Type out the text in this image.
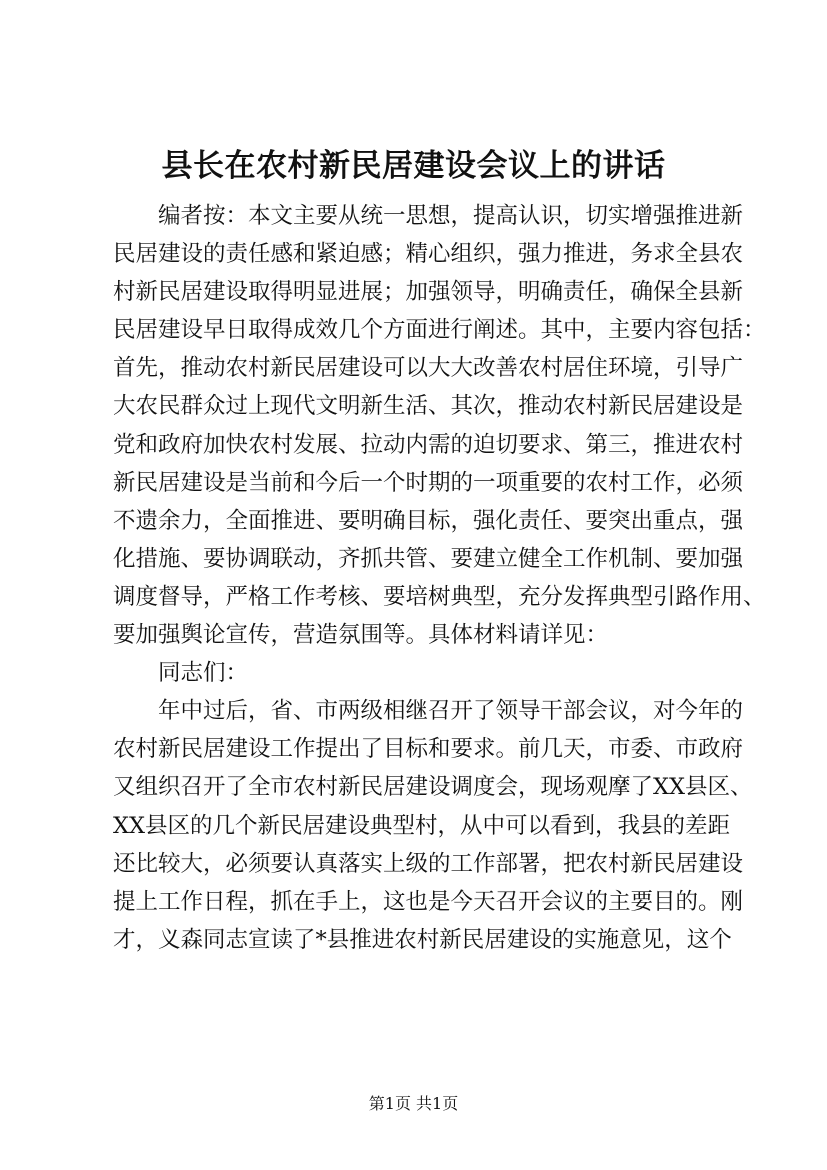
县长在农村新民居建设会议上的讲话
编者按：本文主要从统一思想，提高认识，切实增强推进新
民居建设的责任感和紧迫感；精心组织，强力推进，务求全县农
村新民居建设取得明显进展；加强领导，明确责任，确保全县新
民居建设早日取得成效几个方面进行阐述。其中，主要内容包括：
首先，推动农村新民居建设可以大大改善农村居住环境，引导广
大农民群众过上现代文明新生活、其次，推动农村新民居建设是
党和政府加快农村发展、拉动内需的迫切要求、第三，推进农村
新民居建设是当前和今后一个时期的一项重要的农村工作，必须
不遗余力，全面推进、要明确目标，强化责任、要突出重点，强
化措施、要协调联动，齐抓共管、要建立健全工作机制、要加强
调度督导，严格工作考核、要培树典型，充分发挥典型引路作用、
要加强舆论宣传，营造氛围等。具体材料请详见：
同志们：
年中过后，省、市两级相继召开了领导干部会议，对今年的
农村新民居建设工作提出了目标和要求。前几天，市委、市政府
又组织召开了全市农村新民居建设调度会，现场观摩了XX县区、
XX县区的几个新民居建设典型村，从中可以看到，我县的差距
还比较大，必须要认真落实上级的工作部署，把农村新民居建设
提上工作日程，抓在手上，这也是今天召开会议的主要目的。刚
才，义森同志宣读了*县推进农村新民居建设的实施意见，这个
第1页 共1页
